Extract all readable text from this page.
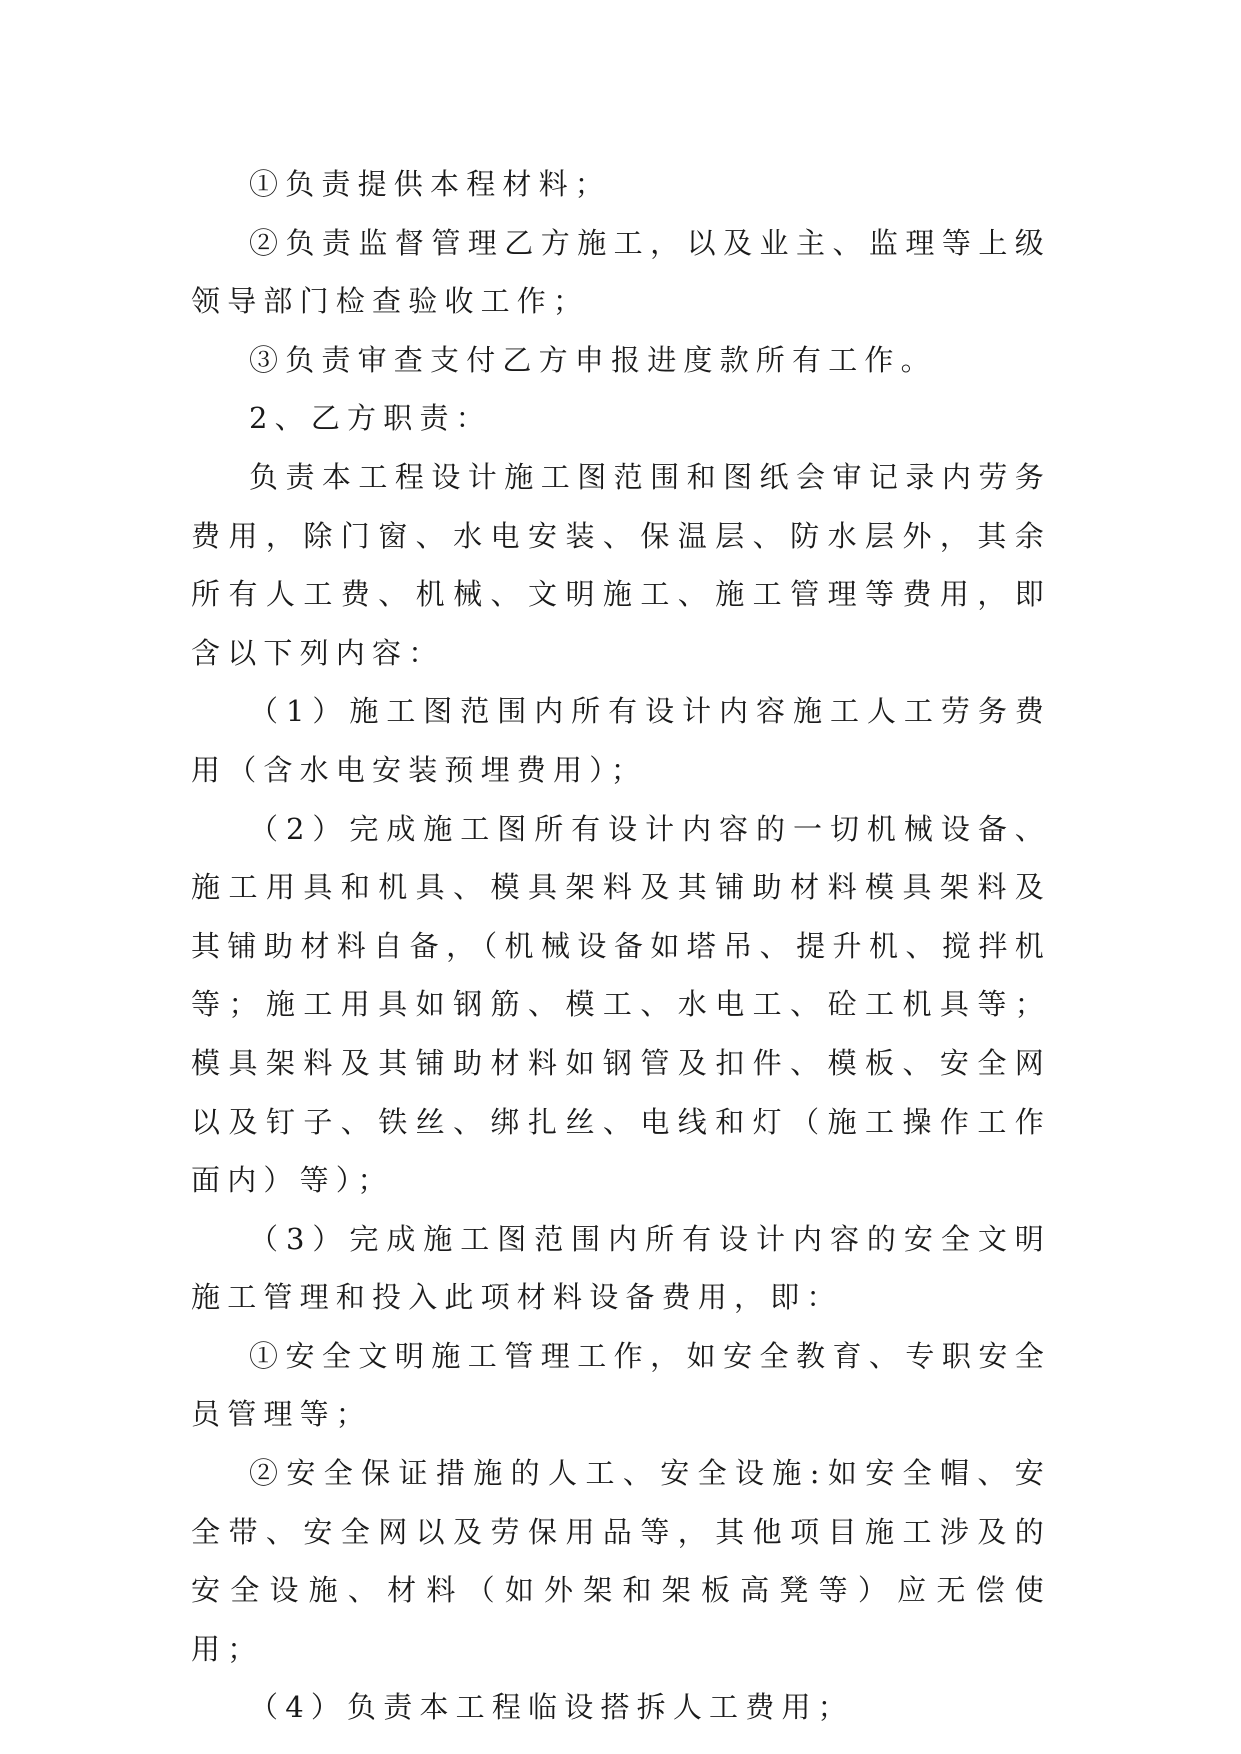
①负责提供本程材料；

②负责监督管理乙方施工，以及业主、监理等上级领导部门检查验收工作；

③负责审查支付乙方申报进度款所有工作。

2、乙方职责：

负责本工程设计施工图范围和图纸会审记录内劳务费用，除门窗、水电安装、保温层、防水层外，其余所有人工费、机械、文明施工、施工管理等费用，即含以下列内容：

（1）施工图范围内所有设计内容施工人工劳务费用（含水电安装预埋费用）；

（2）完成施工图所有设计内容的一切机械设备、施工用具和机具、模具架料及其铺助材料模具架料及其铺助材料自备，（机械设备如塔吊、提升机、搅拌机等；施工用具如钢筋、模工、水电工、砼工机具等；模具架料及其铺助材料如钢管及扣件、模板、安全网以及钉子、铁丝、绑扎丝、电线和灯（施工操作工作面内）等）；

（3）完成施工图范围内所有设计内容的安全文明施工管理和投入此项材料设备费用，即：

①安全文明施工管理工作，如安全教育、专职安全员管理等；

②安全保证措施的人工、安全设施:如安全帽、安全带、安全网以及劳保用品等，其他项目施工涉及的安全设施、材料（如外架和架板高凳等）应无偿使用；

（4）负责本工程临设搭拆人工费用；
